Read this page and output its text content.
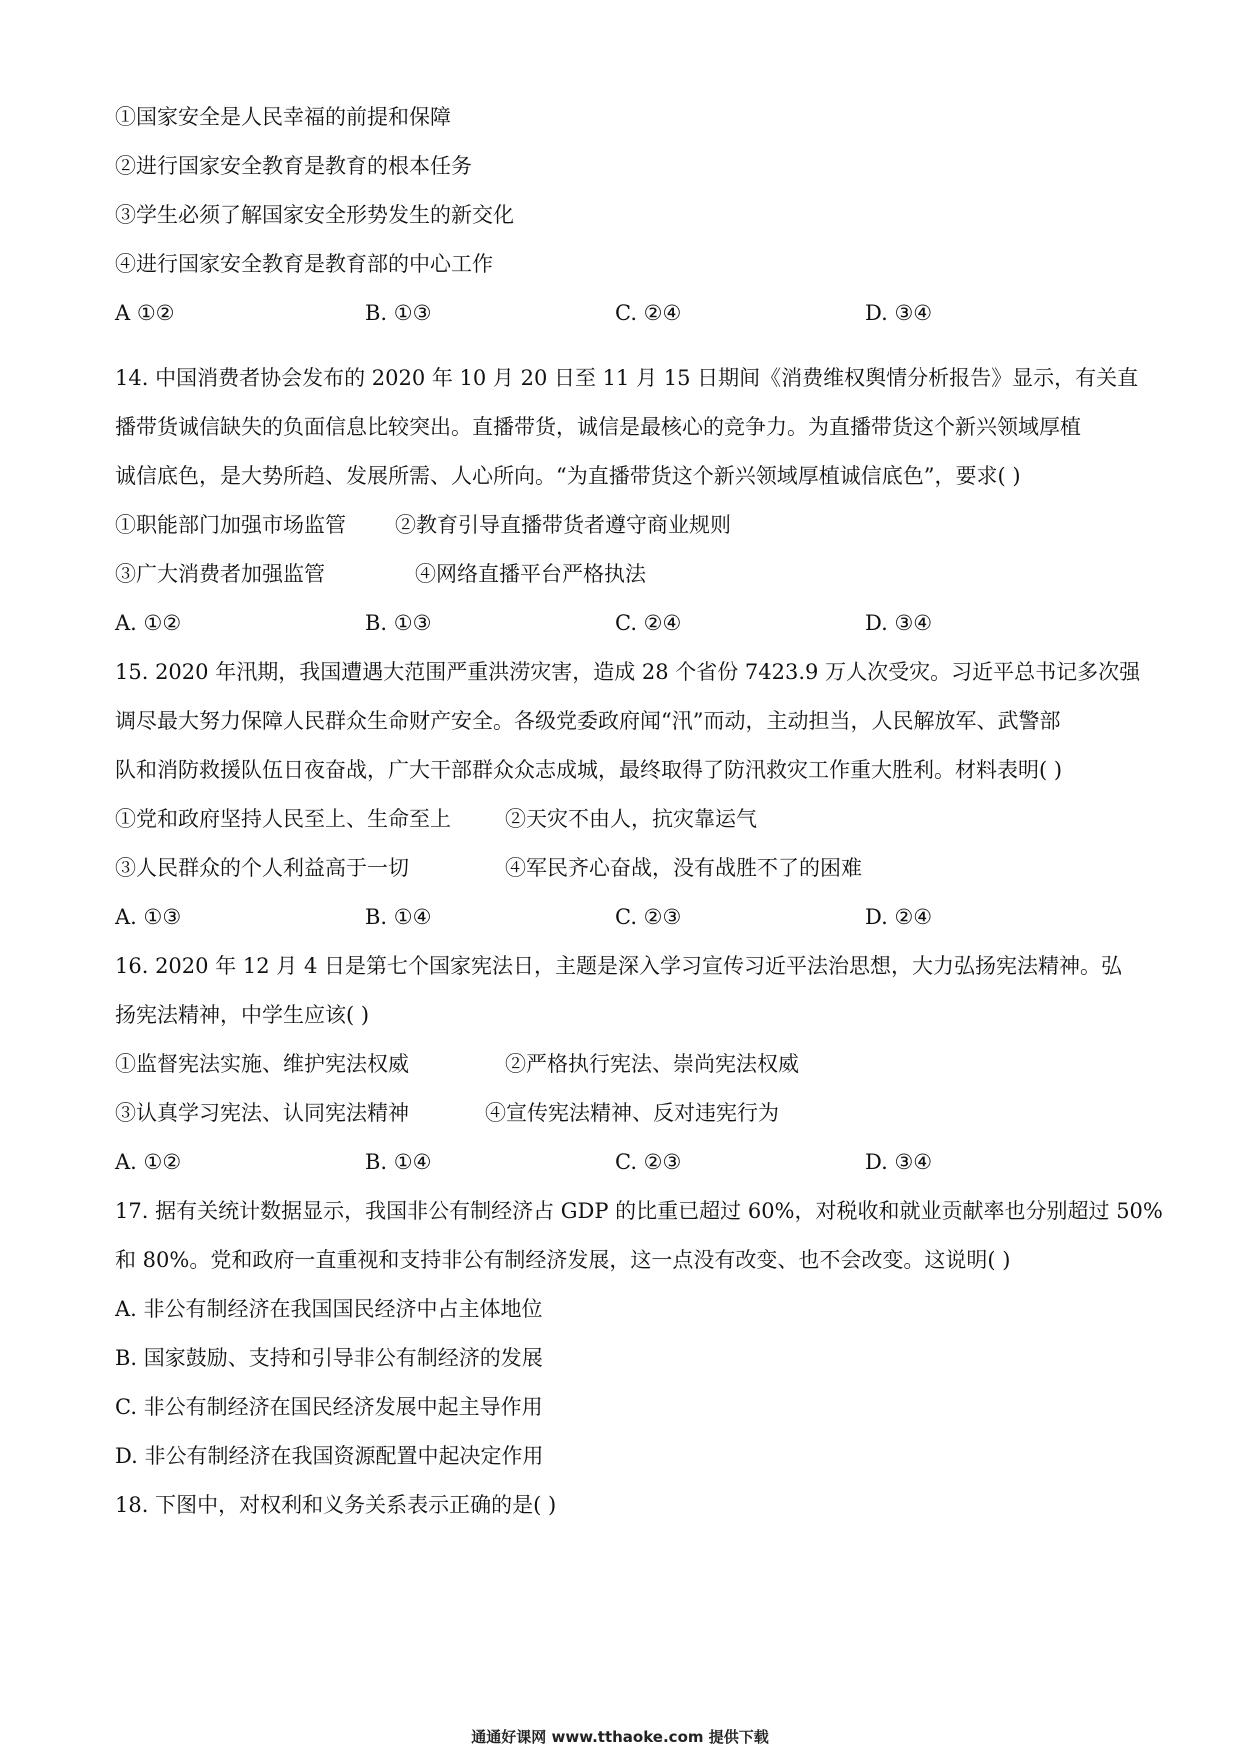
①国家安全是人民幸福的前提和保障
②进行国家安全教育是教育的根本任务
③学生必须了解国家安全形势发生的新交化
④进行国家安全教育是教育部的中心工作
A ①②	B. ①③	C. ②④	D. ③④
14. 中国消费者协会发布的 2020 年 10 月 20 日至 11 月 15 日期间《消费维权舆情分析报告》显示，有关直
播带货诚信缺失的负面信息比较突出。直播带货，诚信是最核心的竞争力。为直播带货这个新兴领域厚植
诚信底色，是大势所趋、发展所需、人心所向。“为直播带货这个新兴领域厚植诚信底色”，要求( )
①职能部门加强市场监管 ②教育引导直播带货者遵守商业规则
③广大消费者加强监管	④网络直播平台严格执法
A. ①②	B. ①③	C. ②④	D. ③④
15. 2020 年汛期，我国遭遇大范围严重洪涝灾害，造成 28 个省份 7423.9 万人次受灾。习近平总书记多次强
调尽最大努力保障人民群众生命财产安全。各级党委政府闻“汛”而动，主动担当，人民解放军、武警部
队和消防救援队伍日夜奋战，广大干部群众众志成城，最终取得了防汛救灾工作重大胜利。材料表明( )
①党和政府坚持人民至上、生命至上	②天灾不由人，抗灾靠运气
③人民群众的个人利益高于一切	④军民齐心奋战，没有战胜不了的困难
A. ①③	B. ①④	C. ②③	D. ②④
16. 2020 年 12 月 4 日是第七个国家宪法日，主题是深入学习宣传习近平法治思想，大力弘扬宪法精神。弘
扬宪法精神，中学生应该( )
①监督宪法实施、维护宪法权威	②严格执行宪法、崇尚宪法权威
③认真学习宪法、认同宪法精神	④宣传宪法精神、反对违宪行为
A. ①②	B. ①④	C. ②③	D. ③④
17. 据有关统计数据显示，我国非公有制经济占 GDP 的比重已超过 60%，对税收和就业贡献率也分别超过 50%
和 80%。党和政府一直重视和支持非公有制经济发展，这一点没有改变、也不会改变。这说明( )
A. 非公有制经济在我国国民经济中占主体地位
B. 国家鼓励、支持和引导非公有制经济的发展
C. 非公有制经济在国民经济发展中起主导作用
D. 非公有制经济在我国资源配置中起决定作用
18. 下图中，对权利和义务关系表示正确的是( )
通通好课网 www.tthaoke.com 提供下载
